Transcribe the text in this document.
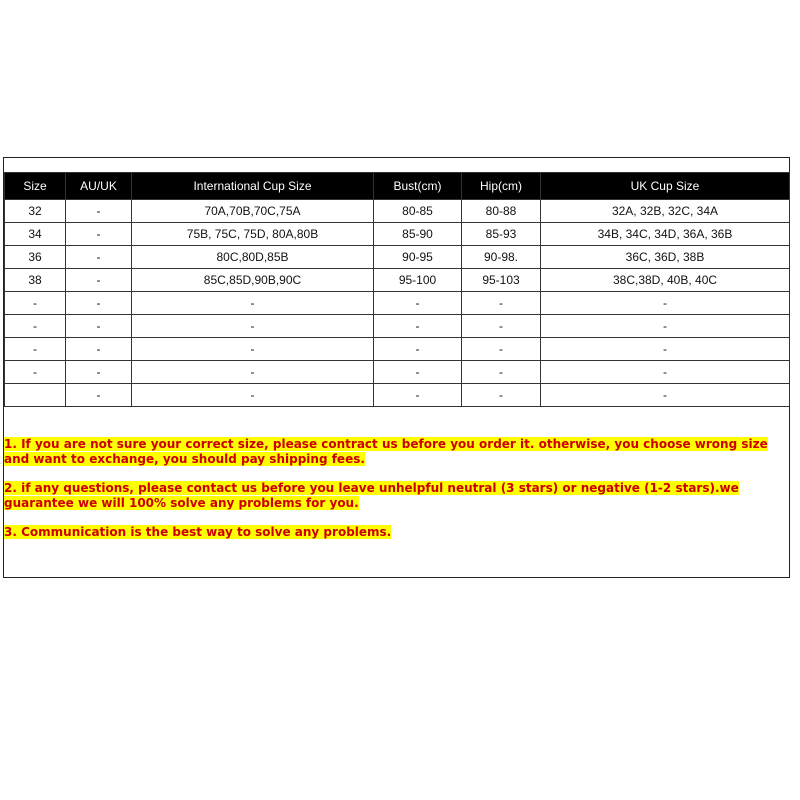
Size	AU/UK	International Cup Size	Bust(cm)	Hip(cm)	UK Cup Size
32	-	70A,70B,70C,75A	80-85	80-88	32A, 32B, 32C, 34A
34	-	75B, 75C, 75D, 80A,80B	85-90	85-93	34B, 34C, 34D, 36A, 36B
36	-	80C,80D,85B	90-95	90-98.	36C, 36D, 38B
38	-	85C,85D,90B,90C	95-100	95-103	38C,38D, 40B, 40C
-	-	-	-	-	-
-	-	-	-	-	-
-	-	-	-	-	-
-	-	-	-	-	-
	-	-	-	-	-

1. If you are not sure your correct size, please contract us before you order it. otherwise, you choose wrong size and want to exchange, you should pay shipping fees.

2. if any questions, please contact us before you leave unhelpful neutral (3 stars) or negative (1-2 stars).we guarantee we will 100% solve any problems for you.

3. Communication is the best way to solve any problems.
